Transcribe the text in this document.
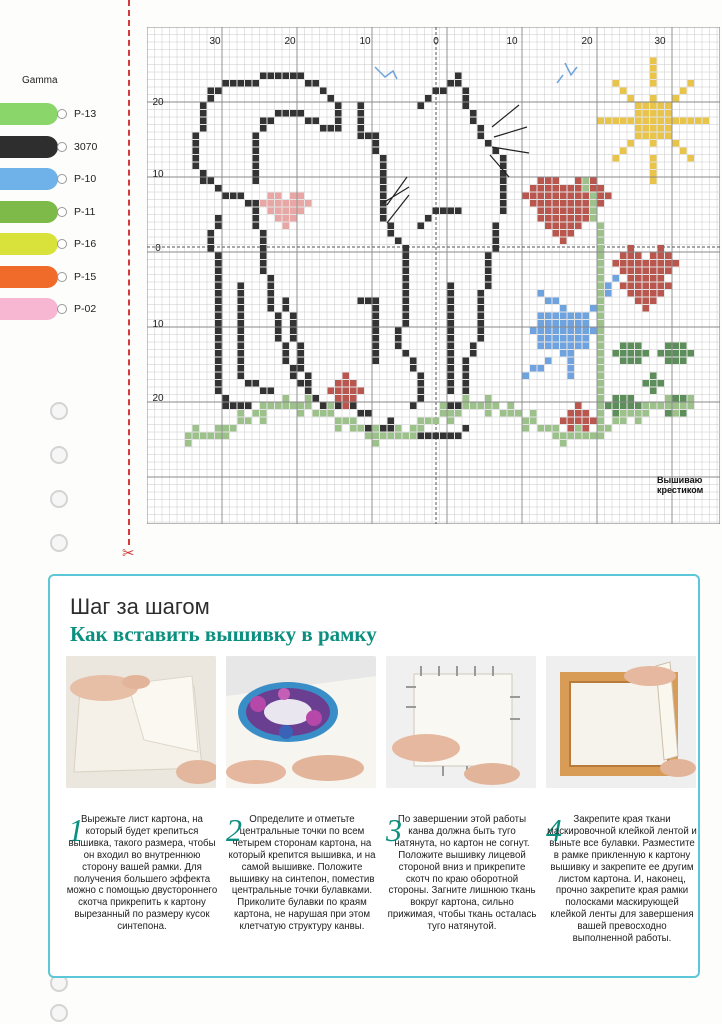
✂
Gamma
P-13
3070
P-10
P-11
P-16
P-15
P-02
30	20	10	0	10	20	30
20
10
0
10
20
Вышиваю
крестиком
Шаг за шагом
Как вставить вышивку в рамку
1
Вырежьте лист картона, на который будет крепиться вышивка, такого размера, чтобы он входил во внутреннюю сторону вашей рамки. Для получения большего эффекта можно с помощью двустороннего скотча прикрепить к картону вырезанный по размеру кусок синтепона.
2 Определите и отметьте центральные точки по всем четырем сторонам картона, на который крепится вышивка, и на самой вышивке. Положите вышивку на синтепон, поместив центральные точки булавками. Приколите булавки по краям картона, не нарушая при этом клетчатую структуру канвы.
3
По завершении этой работы канва должна быть туго натянута, но картон не согнут. Положите вышивку лицевой стороной вниз и прикрепите скотч по краю оборотной стороны. Загните лишнюю ткань вокруг картона, сильно прижимая, чтобы ткань осталась туго натянутой.
4	Закрепите края ткани маскировочной клейкой лентой и выньте все булавки. Разместите в рамке прикленную к картону вышивку и закрепите ее другим листом картона. И, наконец, прочно закрепите края рамки полосками маскирующей клейкой ленты для завершения вашей превосходно выполненной работы.
